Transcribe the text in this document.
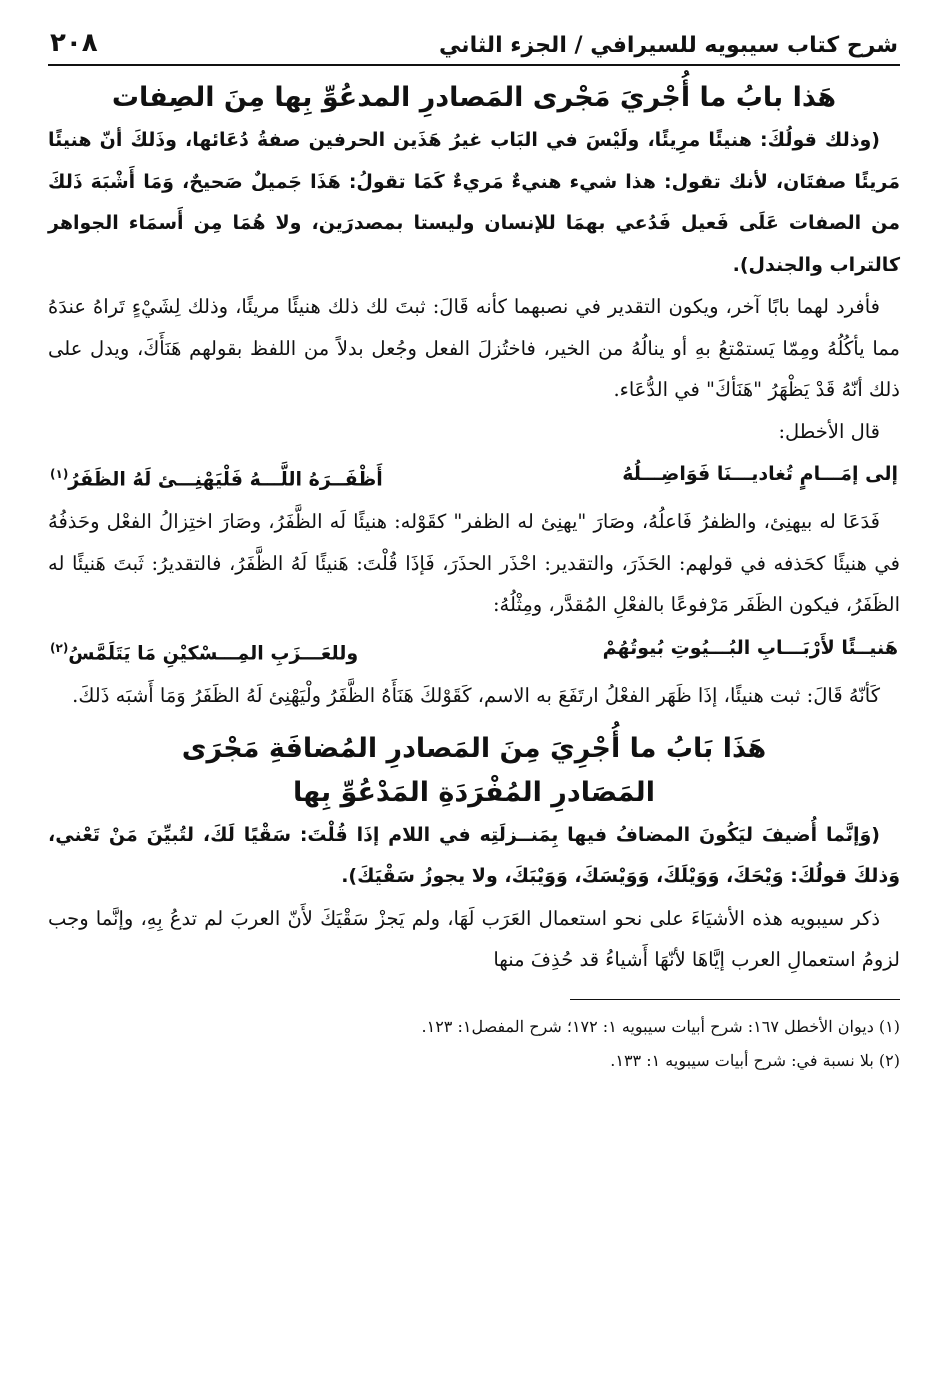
شرح كتاب سيبويه للسيرافي / الجزء الثاني
٢٠٨
هَذا بابُ ما أُجْريَ مَجْرى المَصادرِ المدعُوِّ بِها مِنَ الصِفات

(وذلك قولُكَ: هنيئًا مرِيئًا، ولَيْسَ في البَاب غيرُ هَذَين الحرفين صفةُ دُعَائها، وذَلكَ أنّ هنيئًا مَريئًا صفتَان، لأنك تقول: هذا شيء هنيءٌ مَريءٌ كَمَا تقولُ: هَذَا جَميلٌ صَحيحٌ، وَمَا أَشْبَهَ ذَلكَ من الصفات عَلَى فَعيل فَدُعي بهمَا للإنسان وليستا بمصدرَين، ولا هُمَا مِن أَسمَاء الجواهر كالتراب والجندل).

فأفرد لهما بابًا آخر، ويكون التقدير في نصبهما كأنه قَالَ: ثبتَ لك ذلك هنيئًا مريئًا، وذلك لِشَيْءٍ تَراهُ عندَهُ مما يأكُلُهُ ومِمّا يَستمْتعُ بهِ أو ينالُهُ من الخير، فاختُزلَ الفعل وجُعل بدلاً من اللفظ بقولهم هَنَأَكَ، ويدل على ذلك أنّهُ قَدْ يَظْهَرُ "هَنَأكَ" في الدُّعَاء.

قال الأخطل:

إلى إمَـــامٍ تُغاديـــنَا فَوَاضِـــلُهُ
أَظْفَــرَهُ اللَّـــهُ فَلْيَهْنِـــئ لَهُ الظَفَرُ$^{(١)}$

فَدَعَا له بيهنِئ، والظفرُ فَاعلُهُ، وصَارَ "يهنِئ له الظفر" كقَوْله: هنيئًا لَه الظَّفَرُ، وصَارَ اختِزالُ الفعْل وحَذفُهُ في هنيئًا كحَذفه في قولهم: الحَذَرَ، والتقدير: احْذَر الحذَرَ، فَإذَا قُلْتَ: هَنيئًا لَهُ الظَّفَرُ، فالتقديرُ: ثَبتَ هَنيئًا له الظَفَرُ، فيكون الظَفَر مَرْفوعًا بالفعْلِ المُقدَّر، ومِثْلُهُ:

هَنيــئًا لأَرْبَـــابِ البُـــيُوتِ بُيوتُهُمْ
وللعَـــزَبِ المِـــسْكيْنِ مَا يَتَلَمَّسُ$^{(٢)}$

كَأنّهُ قَالَ: ثبت هنيئًا، إذَا ظَهَر الفعْلُ ارتَفَعَ به الاسم، كَقَوْلكَ هَنَأَهُ الظَّفَرُ ولْيَهْنِئ لَهُ الظَفَرُ وَمَا أَشبَه ذَلكَ.

هَذَا بَابُ ما أُجْرِيَ مِنَ المَصادرِ المُضافَةِ مَجْرَى
المَصَادرِ المُفْرَدَةِ المَدْعُوِّ بِها

(وَإنَّما أُضيفَ ليَكُونَ المضافُ فيها بِمَنــزلَتِه في اللام إذَا قُلْتَ: سَقْيًا لَكَ، لتُبيِّنَ مَنْ تَعْني، وَذلكَ قولُكَ: وَيْحَكَ، وَوَيْلَكَ، وَوَيْسَكَ، وَوَيْبَكَ، ولا يجوزُ سَقْيَكَ).

ذكر سيبويه هذه الأشيَاءَ على نحو استعمال العَرَب لَهَا، ولم يَجزْ سَقْيَكَ لأَنّ العربَ لم تدعُ بِهِ، وإنَّما وجب لزومُ استعمالِ العرب إيَّاهَا لأنّهَا أَشياءُ قد حُذِفَ منها

(١) ديوان الأخطل ١٦٧: شرح أبيات سيبويه ١: ١٧٢؛ شرح المفصل١: ١٢٣.

(٢) بلا نسبة في: شرح أبيات سيبويه ١: ١٣٣.
